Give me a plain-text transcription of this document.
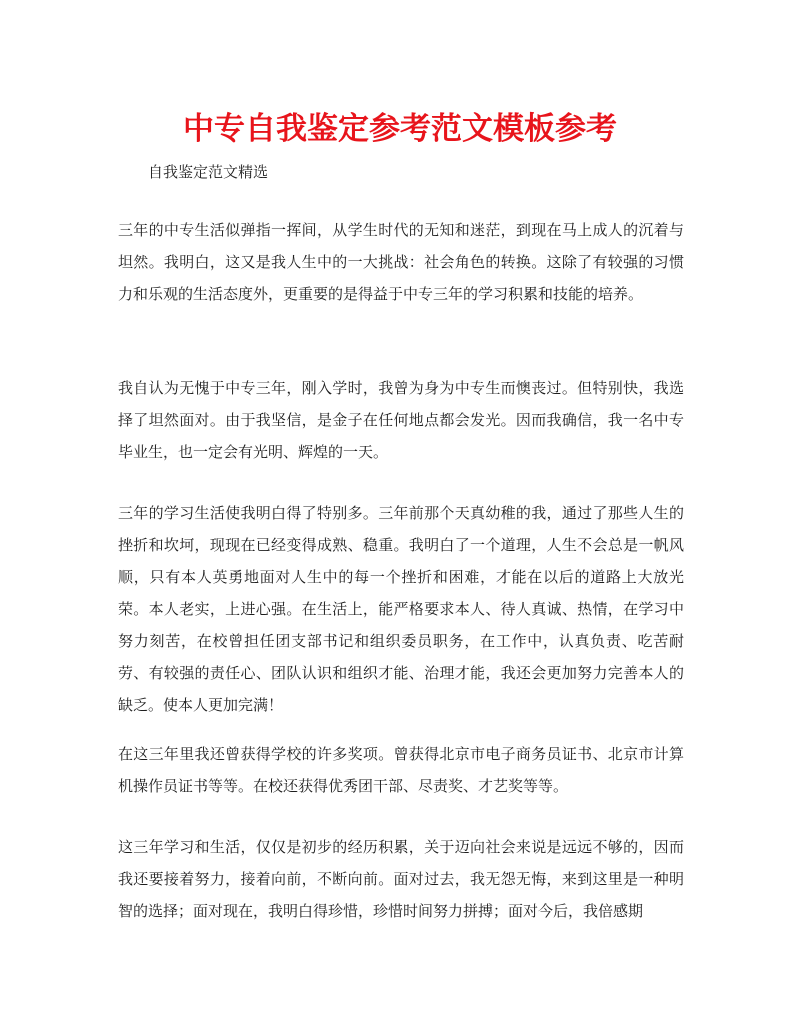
中专自我鉴定参考范文模板参考
自我鉴定范文精选
三年的中专生活似弹指一挥间，从学生时代的无知和迷茫，到现在马上成人的沉着与坦然。我明白，这又是我人生中的一大挑战：社会角色的转换。这除了有较强的习惯力和乐观的生活态度外，更重要的是得益于中专三年的学习积累和技能的培养。
我自认为无愧于中专三年，刚入学时，我曾为身为中专生而懊丧过。但特别快，我选择了坦然面对。由于我坚信，是金子在任何地点都会发光。因而我确信，我一名中专毕业生，也一定会有光明、辉煌的一天。
三年的学习生活使我明白得了特别多。三年前那个天真幼稚的我，通过了那些人生的挫折和坎坷，现现在已经变得成熟、稳重。我明白了一个道理，人生不会总是一帆风顺，只有本人英勇地面对人生中的每一个挫折和困难，才能在以后的道路上大放光荣。本人老实，上进心强。在生活上，能严格要求本人、待人真诚、热情，在学习中努力刻苦，在校曾担任团支部书记和组织委员职务，在工作中，认真负责、吃苦耐劳、有较强的责任心、团队认识和组织才能、治理才能，我还会更加努力完善本人的缺乏。使本人更加完满！
在这三年里我还曾获得学校的许多奖项。曾获得北京市电子商务员证书、北京市计算机操作员证书等等。在校还获得优秀团干部、尽责奖、才艺奖等等。
这三年学习和生活，仅仅是初步的经历积累，关于迈向社会来说是远远不够的，因而我还要接着努力，接着向前，不断向前。面对过去，我无怨无悔，来到这里是一种明智的选择；面对现在，我明白得珍惜，珍惜时间努力拼搏；面对今后，我倍感期
